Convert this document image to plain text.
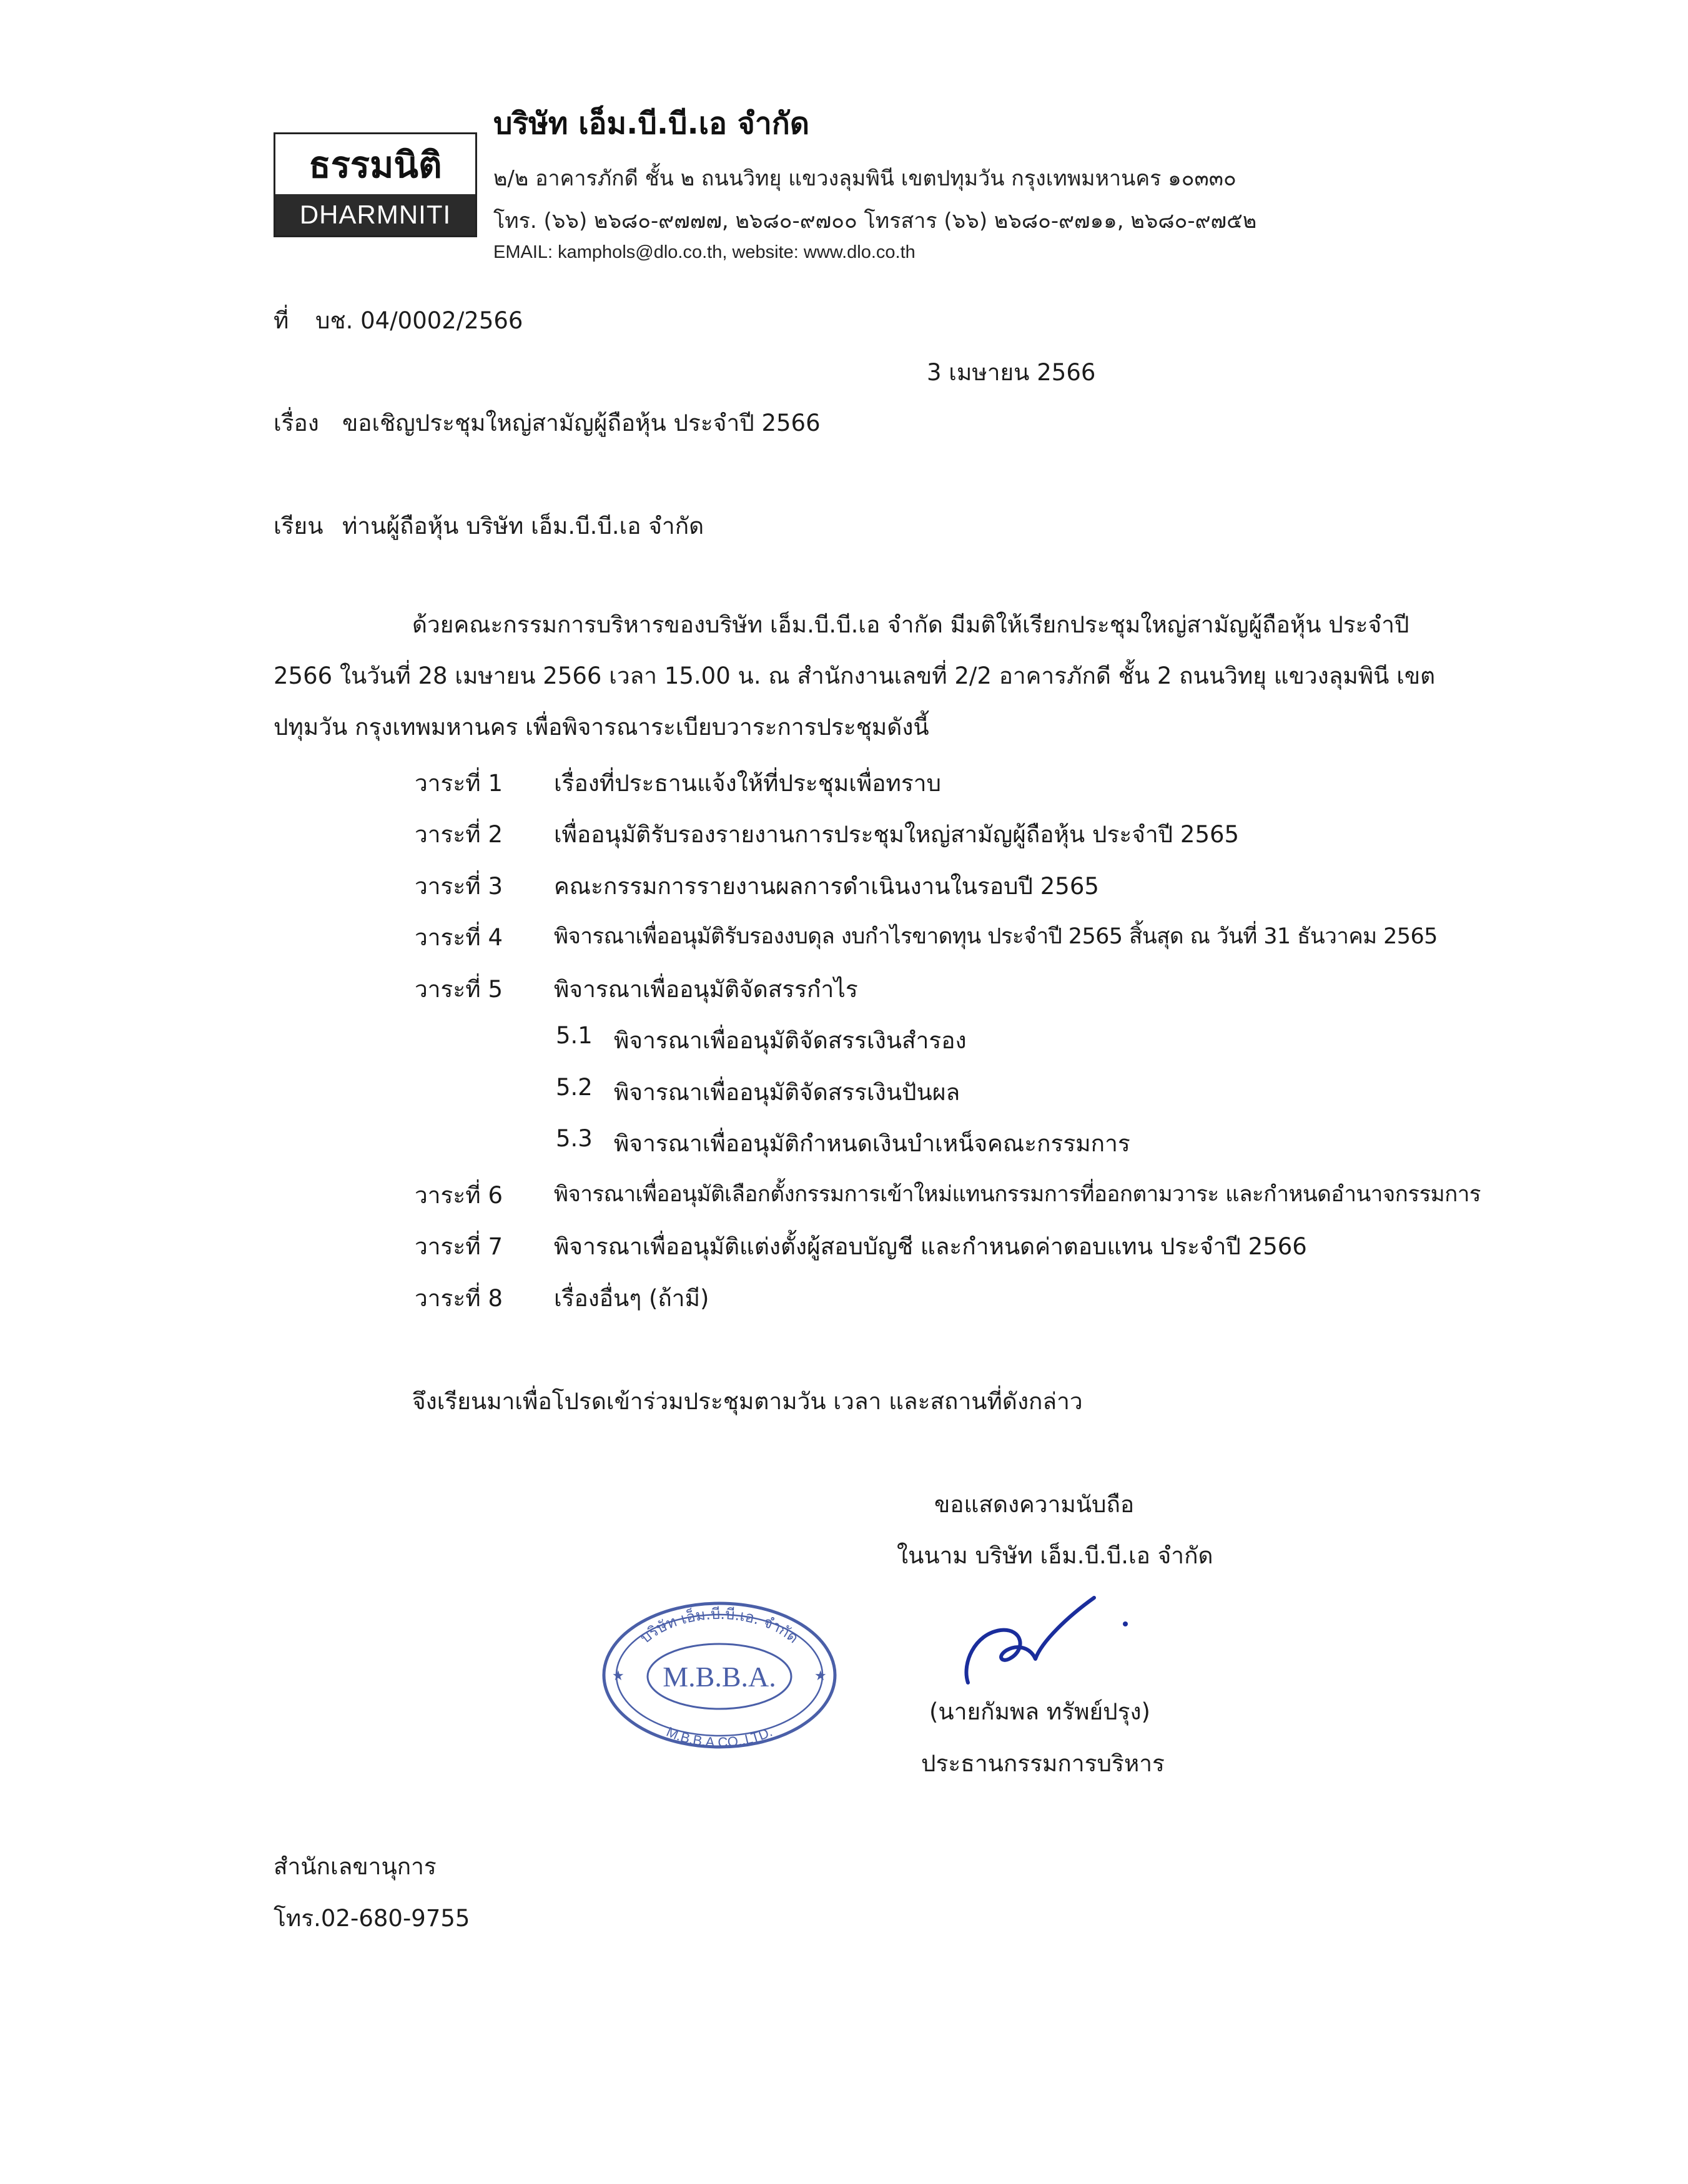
ธรรมนิติ
DHARMNITI
บริษัท เอ็ม.บี.บี.เอ จำกัด
๒/๒ อาคารภักดี ชั้น ๒ ถนนวิทยุ แขวงลุมพินี เขตปทุมวัน กรุงเทพมหานคร ๑๐๓๓๐
โทร. (๖๖) ๒๖๘๐-๙๗๗๗, ๒๖๘๐-๙๗๐๐ โทรสาร (๖๖) ๒๖๘๐-๙๗๑๑, ๒๖๘๐-๙๗๕๒
EMAIL: kamphols@dlo.co.th, website: www.dlo.co.th
ที่ บช. 04/0002/2566
3 เมษายน 2566
เรื่อง ขอเชิญประชุมใหญ่สามัญผู้ถือหุ้น ประจำปี 2566
เรียน ท่านผู้ถือหุ้น บริษัท เอ็ม.บี.บี.เอ จำกัด
ด้วยคณะกรรมการบริหารของบริษัท เอ็ม.บี.บี.เอ จำกัด มีมติให้เรียกประชุมใหญ่สามัญผู้ถือหุ้น ประจำปี 2566 ในวันที่ 28 เมษายน 2566 เวลา 15.00 น. ณ สำนักงานเลขที่ 2/2 อาคารภักดี ชั้น 2 ถนนวิทยุ แขวงลุมพินี เขตปทุมวัน กรุงเทพมหานคร เพื่อพิจารณาระเบียบวาระการประชุมดังนี้
วาระที่ 1 เรื่องที่ประธานแจ้งให้ที่ประชุมเพื่อทราบ
วาระที่ 2 เพื่ออนุมัติรับรองรายงานการประชุมใหญ่สามัญผู้ถือหุ้น ประจำปี 2565
วาระที่ 3 คณะกรรมการรายงานผลการดำเนินงานในรอบปี 2565
วาระที่ 4 พิจารณาเพื่ออนุมัติรับรองงบดุล งบกำไรขาดทุน ประจำปี 2565 สิ้นสุด ณ วันที่ 31 ธันวาคม 2565
วาระที่ 5 พิจารณาเพื่ออนุมัติจัดสรรกำไร
5.1 พิจารณาเพื่ออนุมัติจัดสรรเงินสำรอง
5.2 พิจารณาเพื่ออนุมัติจัดสรรเงินปันผล
5.3 พิจารณาเพื่ออนุมัติกำหนดเงินบำเหน็จคณะกรรมการ
วาระที่ 6 พิจารณาเพื่ออนุมัติเลือกตั้งกรรมการเข้าใหม่แทนกรรมการที่ออกตามวาระ และกำหนดอำนาจกรรมการ
วาระที่ 7 พิจารณาเพื่ออนุมัติแต่งตั้งผู้สอบบัญชี และกำหนดค่าตอบแทน ประจำปี 2566
วาระที่ 8 เรื่องอื่นๆ (ถ้ามี)
จึงเรียนมาเพื่อโปรดเข้าร่วมประชุมตามวัน เวลา และสถานที่ดังกล่าว
ขอแสดงความนับถือ
ในนาม บริษัท เอ็ม.บี.บี.เอ จำกัด
M.B.B.A.
บริษัท เอ็ม.บี.บี.เอ. จำกัด
M.B.B.A.CO.,LTD.
★	★
(นายกัมพล ทรัพย์ปรุง)
ประธานกรรมการบริหาร
สำนักเลขานุการ
โทร.02-680-9755
